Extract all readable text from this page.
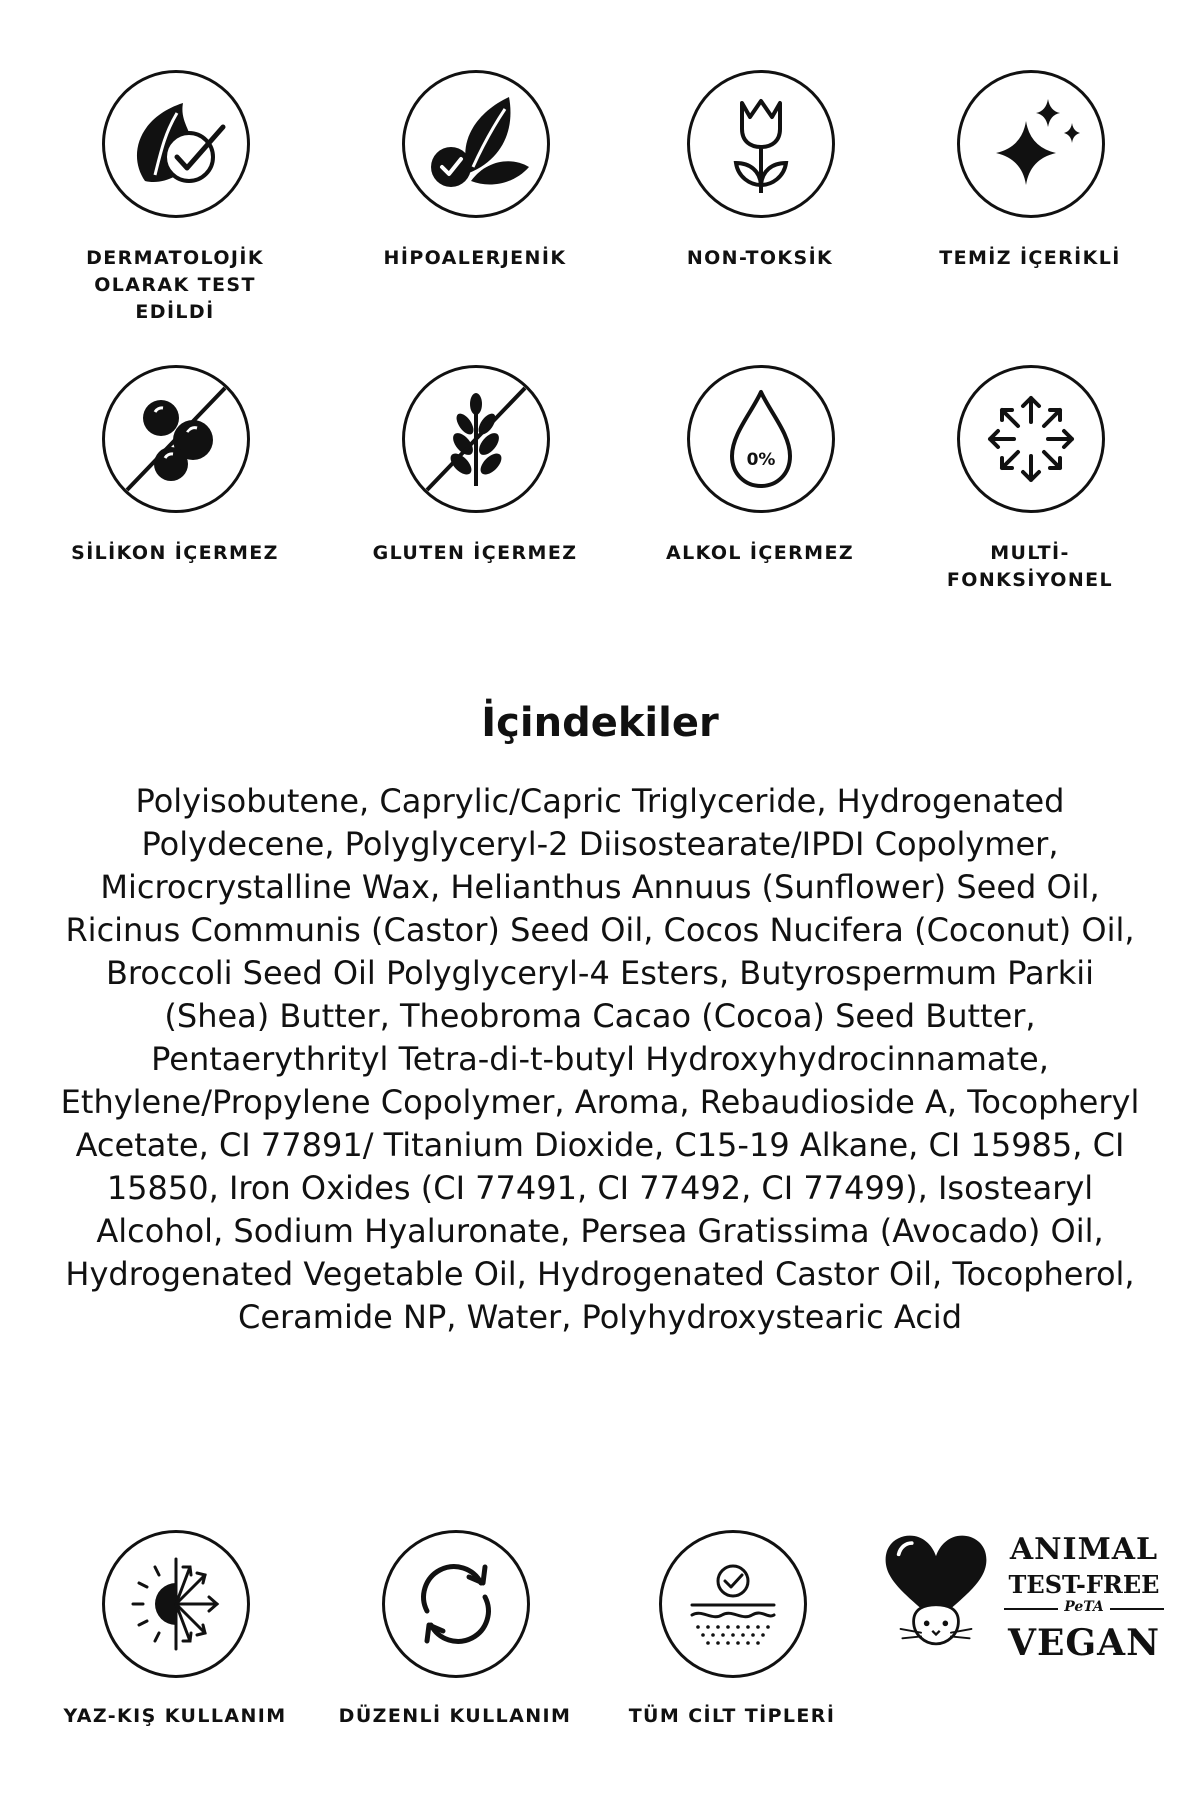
DERMATOLOJİK OLARAK TEST EDİLDİ
HİPOALERJENİK	NON-TOKSİK	TEMİZ İÇERİKLİ
SİLİKON İÇERMEZ	GLUTEN İÇERMEZ
0%
ALKOL İÇERMEZ	MULTİ-FONKSİYONEL
İçindekiler

Polyisobutene, Caprylic/Capric Triglyceride, Hydrogenated Polydecene, Polyglyceryl-2 Diisostearate/IPDI Copolymer, Microcrystalline Wax, Helianthus Annuus (Sunflower) Seed Oil, Ricinus Communis (Castor) Seed Oil, Cocos Nucifera (Coconut) Oil, Broccoli Seed Oil Polyglyceryl-4 Esters, Butyrospermum Parkii (Shea) Butter, Theobroma Cacao (Cocoa) Seed Butter, Pentaerythrityl Tetra-di-t-butyl Hydroxyhydrocinnamate, Ethylene/Propylene Copolymer, Aroma, Rebaudioside A, Tocopheryl Acetate, CI 77891/ Titanium Dioxide, C15-19 Alkane, CI 15985, CI 15850, Iron Oxides (CI 77491, CI 77492, CI 77499), Isostearyl Alcohol, Sodium Hyaluronate, Persea Gratissima (Avocado) Oil, Hydrogenated Vegetable Oil, Hydrogenated Castor Oil, Tocopherol, Ceramide NP, Water, Polyhydroxystearic Acid

YAZ-KIŞ KULLANIM	DÜZENLİ KULLANIM	TÜM CİLT TİPLERİ
ANIMAL
TEST-FREE
PeTA
VEGAN
